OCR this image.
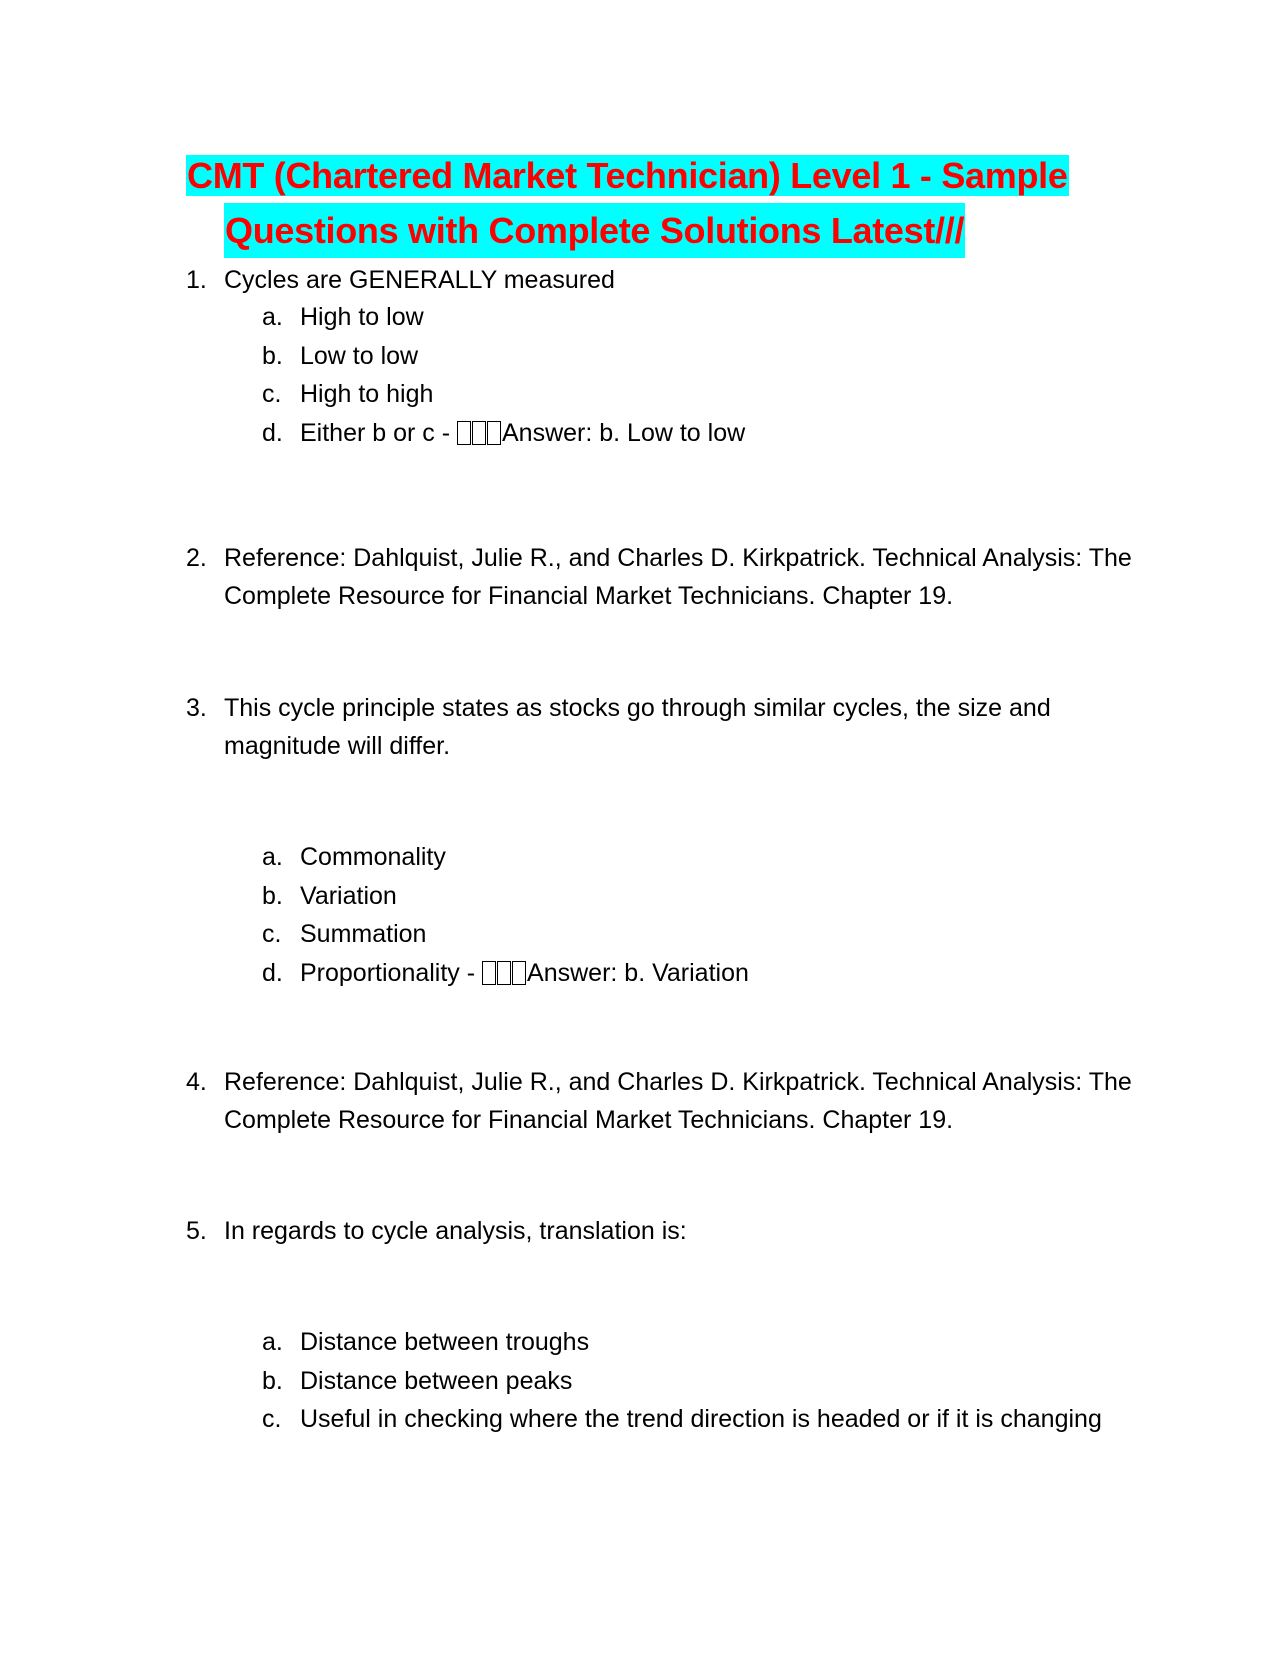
CMT (Chartered Market Technician) Level 1 - Sample
Questions with Complete Solutions Latest///
1. Cycles are GENERALLY measured
a. High to low
b. Low to low
c. High to high
d. Either b or c - Answer: b. Low to low
2. Reference: Dahlquist, Julie R., and Charles D. Kirkpatrick. Technical Analysis: The Complete Resource for Financial Market Technicians. Chapter 19.
3. This cycle principle states as stocks go through similar cycles, the size and magnitude will differ.
a. Commonality
b. Variation
c. Summation
d. Proportionality - Answer: b. Variation
4. Reference: Dahlquist, Julie R., and Charles D. Kirkpatrick. Technical Analysis: The Complete Resource for Financial Market Technicians. Chapter 19.
5. In regards to cycle analysis, translation is:
a. Distance between troughs
b. Distance between peaks
c. Useful in checking where the trend direction is headed or if it is changing
